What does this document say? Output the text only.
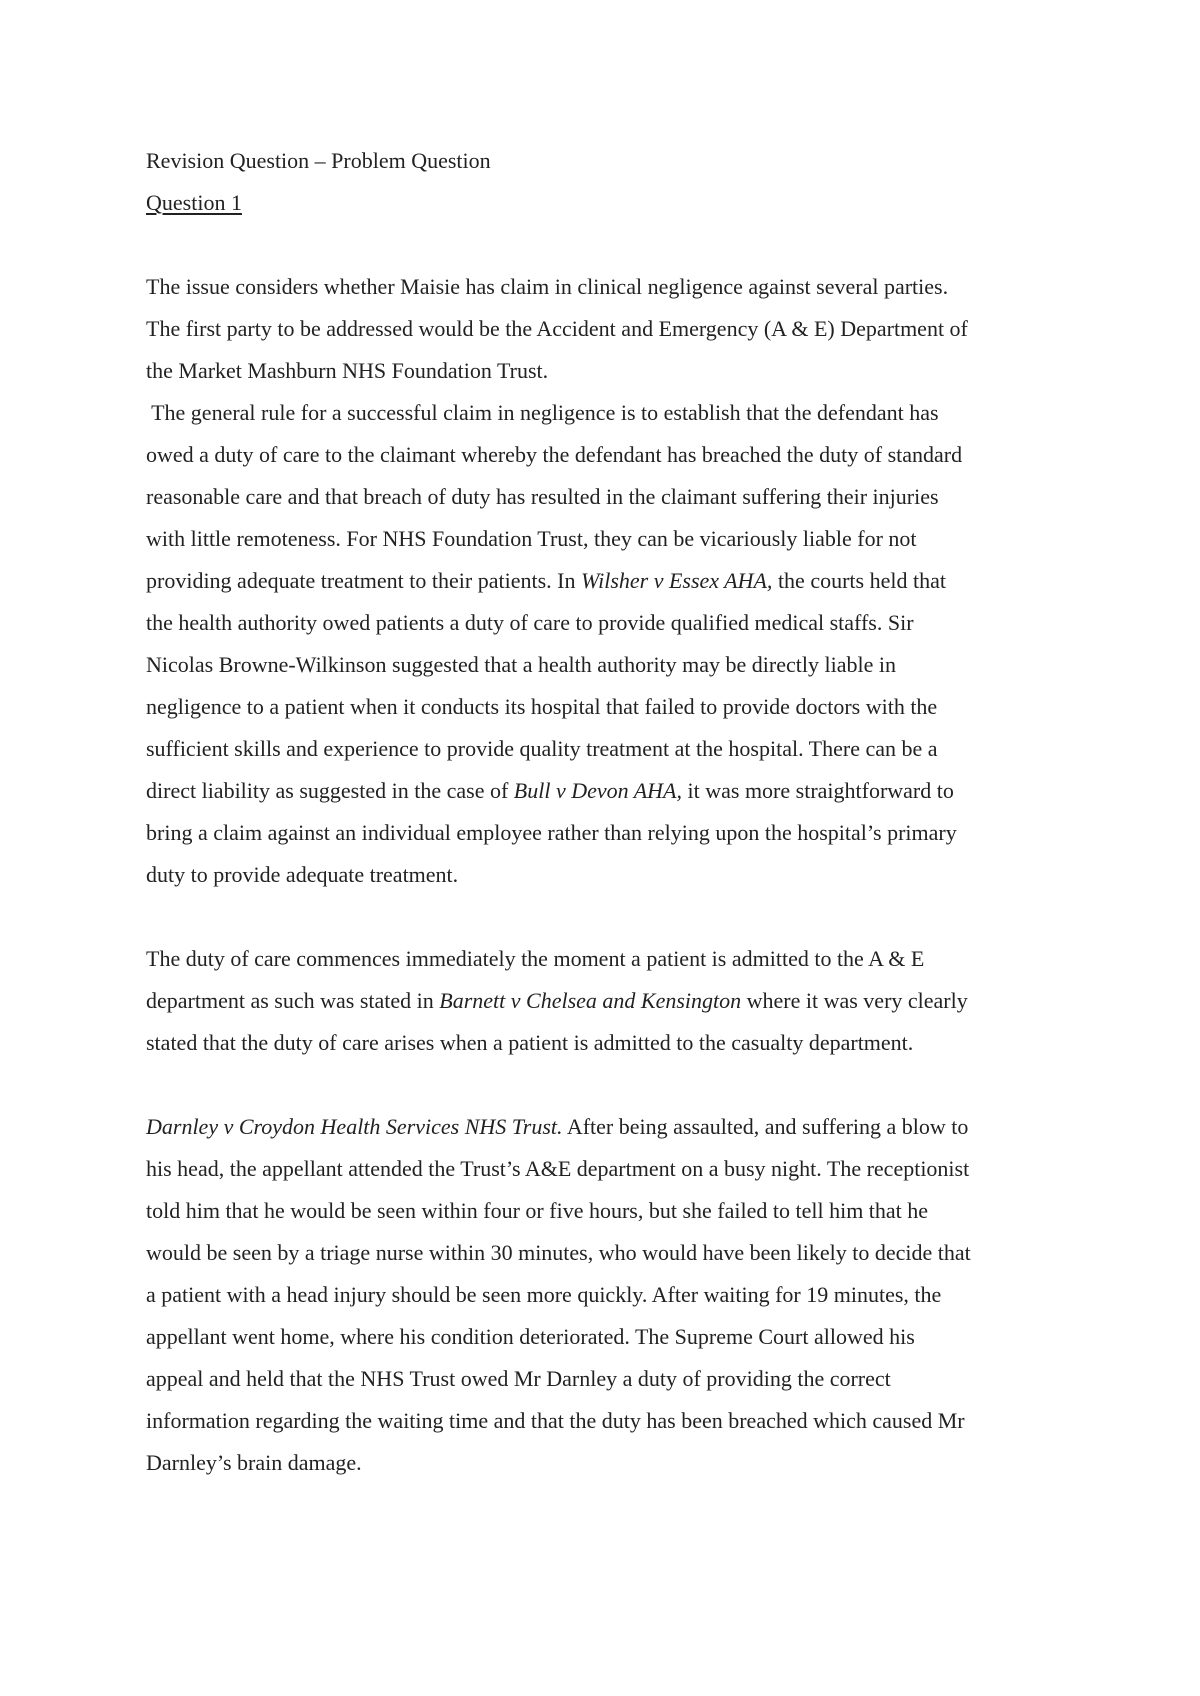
Revision Question – Problem Question
Question 1
The issue considers whether Maisie has claim in clinical negligence against several parties.
The first party to be addressed would be the Accident and Emergency (A & E) Department of
the Market Mashburn NHS Foundation Trust.
The general rule for a successful claim in negligence is to establish that the defendant has
owed a duty of care to the claimant whereby the defendant has breached the duty of standard
reasonable care and that breach of duty has resulted in the claimant suffering their injuries
with little remoteness. For NHS Foundation Trust, they can be vicariously liable for not
providing adequate treatment to their patients. In Wilsher v Essex AHA, the courts held that
the health authority owed patients a duty of care to provide qualified medical staffs. Sir
Nicolas Browne-Wilkinson suggested that a health authority may be directly liable in
negligence to a patient when it conducts its hospital that failed to provide doctors with the
sufficient skills and experience to provide quality treatment at the hospital. There can be a
direct liability as suggested in the case of Bull v Devon AHA, it was more straightforward to
bring a claim against an individual employee rather than relying upon the hospital’s primary
duty to provide adequate treatment.
The duty of care commences immediately the moment a patient is admitted to the A & E
department as such was stated in Barnett v Chelsea and Kensington where it was very clearly
stated that the duty of care arises when a patient is admitted to the casualty department.
Darnley v Croydon Health Services NHS Trust. After being assaulted, and suffering a blow to
his head, the appellant attended the Trust’s A&E department on a busy night. The receptionist
told him that he would be seen within four or five hours, but she failed to tell him that he
would be seen by a triage nurse within 30 minutes, who would have been likely to decide that
a patient with a head injury should be seen more quickly. After waiting for 19 minutes, the
appellant went home, where his condition deteriorated. The Supreme Court allowed his
appeal and held that the NHS Trust owed Mr Darnley a duty of providing the correct
information regarding the waiting time and that the duty has been breached which caused Mr
Darnley’s brain damage.
